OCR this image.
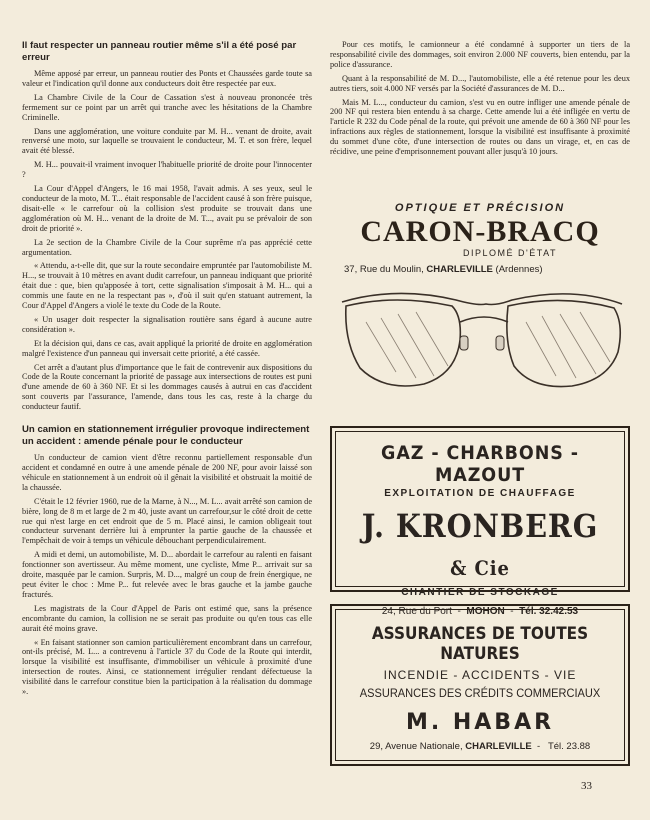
Il faut respecter un panneau routier même s'il a été posé par erreur

Même apposé par erreur, un panneau routier des Ponts et Chaussées garde toute sa valeur et l'indication qu'il donne aux conducteurs doit être respectée par eux.

La Chambre Civile de la Cour de Cassation s'est à nouveau prononcée très fermement sur ce point par un arrêt qui tranche avec les hésitations de la Chambre Criminelle.

Dans une agglomération, une voiture conduite par M. H... venant de droite, avait renversé une moto, sur laquelle se trouvaient le conducteur, M. T. et son frère, lequel avait été blessé.

M. H... pouvait-il vraiment invoquer l'habituelle priorité de droite pour l'innocenter ?

La Cour d'Appel d'Angers, le 16 mai 1958, l'avait admis. A ses yeux, seul le conducteur de la moto, M. T... était responsable de l'accident causé à son frère puisque, disait-elle « le carrefour où la collision s'est produite se trouvait dans une agglomération où M. H... venant de la droite de M. T..., avait pu se prévaloir de son droit de priorité ».

La 2e section de la Chambre Civile de la Cour suprême n'a pas apprécié cette argumentation.

« Attendu, a-t-elle dit, que sur la route secondaire empruntée par l'automobiliste M. H..., se trouvait à 10 mètres en avant dudit carrefour, un panneau indiquant que priorité était due : que, bien qu'apposée à tort, cette signalisation s'imposait à M. H... qui a commis une faute en ne la respectant pas », d'où il suit qu'en statuant autrement, la Cour d'Appel d'Angers a violé le texte du Code de la Route.

« Un usager doit respecter la signalisation routière sans égard à aucune autre considération ».

Et la décision qui, dans ce cas, avait appliqué la priorité de droite en agglomération malgré l'existence d'un panneau qui inversait cette priorité, a été cassée.

Cet arrêt a d'autant plus d'importance que le fait de contrevenir aux dispositions du Code de la Route concernant la priorité de passage aux intersections de routes est puni d'une amende de 60 à 360 NF. Et si les dommages causés à autrui en cas d'accident sont couverts par l'assurance, l'amende, dans tous les cas, reste à la charge du conducteur fautif.

Un camion en stationnement irrégulier provoque indirectement un accident : amende pénale pour le conducteur

Un conducteur de camion vient d'être reconnu partiellement responsable d'un accident et condamné en outre à une amende pénale de 200 NF, pour avoir laissé son véhicule en stationnement à un endroit où il gênait la visibilité et obstruait la moitié de la chaussée.

C'était le 12 février 1960, rue de la Marne, à N..., M. L... avait arrêté son camion de bière, long de 8 m et large de 2 m 40, juste avant un carrefour,sur le côté droit de cette rue qui n'est large en cet endroit que de 5 m. Placé ainsi, le camion obligeait tout conducteur survenant derrière lui à emprunter la partie gauche de la chaussée et l'empêchait de voir à temps un véhicule débouchant perpendiculairement.

A midi et demi, un automobiliste, M. D... abordait le carrefour au ralenti en faisant fonctionner son avertisseur. Au même moment, une cycliste, Mme P... arrivait sur sa droite, masquée par le camion. Surpris, M. D..., malgré un coup de frein énergique, ne peut éviter le choc : Mme P... fut relevée avec le bras gauche et la jambe gauche fracturés.

Les magistrats de la Cour d'Appel de Paris ont estimé que, sans la présence encombrante du camion, la collision ne se serait pas produite ou qu'en tous cas elle aurait été moins grave.

« En faisant stationner son camion particulièrement encombrant dans un carrefour, ont-ils précisé, M. L... a contrevenu à l'article 37 du Code de la Route qui interdit, lorsque la visibilité est insuffisante, d'immobiliser un véhicule à proximité d'une intersection de routes. Ainsi, ce stationnement irrégulier rendant défectueuse la visibilité dans le carrefour constitue bien la participation à la réalisation du dommage ».

Pour ces motifs, le camionneur a été condamné à supporter un tiers de la responsabilité civile des dommages, soit environ 2.000 NF couverts, bien entendu, par la police d'assurance.

Quant à la responsabilité de M. D..., l'automobiliste, elle a été retenue pour les deux autres tiers, soit 4.000 NF versés par la Société d'assurances de M. D...

Mais M. L..., conducteur du camion, s'est vu en outre infliger une amende pénale de 200 NF qui restera bien entendu à sa charge. Cette amende lui a été infligée en vertu de l'article R 232 du Code pénal de la route, qui prévoit une amende de 60 à 360 NF pour les infractions aux règles de stationnement, lorsque la visibilité est insuffisante à proximité du sommet d'une côte, d'une intersection de routes ou dans un virage, et, en cas de récidive, une peine d'emprisonnement pouvant aller jusqu'à 10 jours.

OPTIQUE ET PRÉCISION
CARON-BRACQ
DIPLOMÉ D'ÉTAT
37, Rue du Moulin, CHARLEVILLE (Ardennes)
GAZ - CHARBONS - MAZOUT
EXPLOITATION DE CHAUFFAGE
J. KRONBERG & Cie
CHANTIER DE STOCKAGE
24, Rue du Port  -  MOHON  -  Tél. 32.42.53
ASSURANCES DE TOUTES NATURES
INCENDIE - ACCIDENTS - VIE
ASSURANCES DES CRÉDITS COMMERCIAUX
M. HABAR
29, Avenue Nationale, CHARLEVILLE  -   Tél. 23.88
33
